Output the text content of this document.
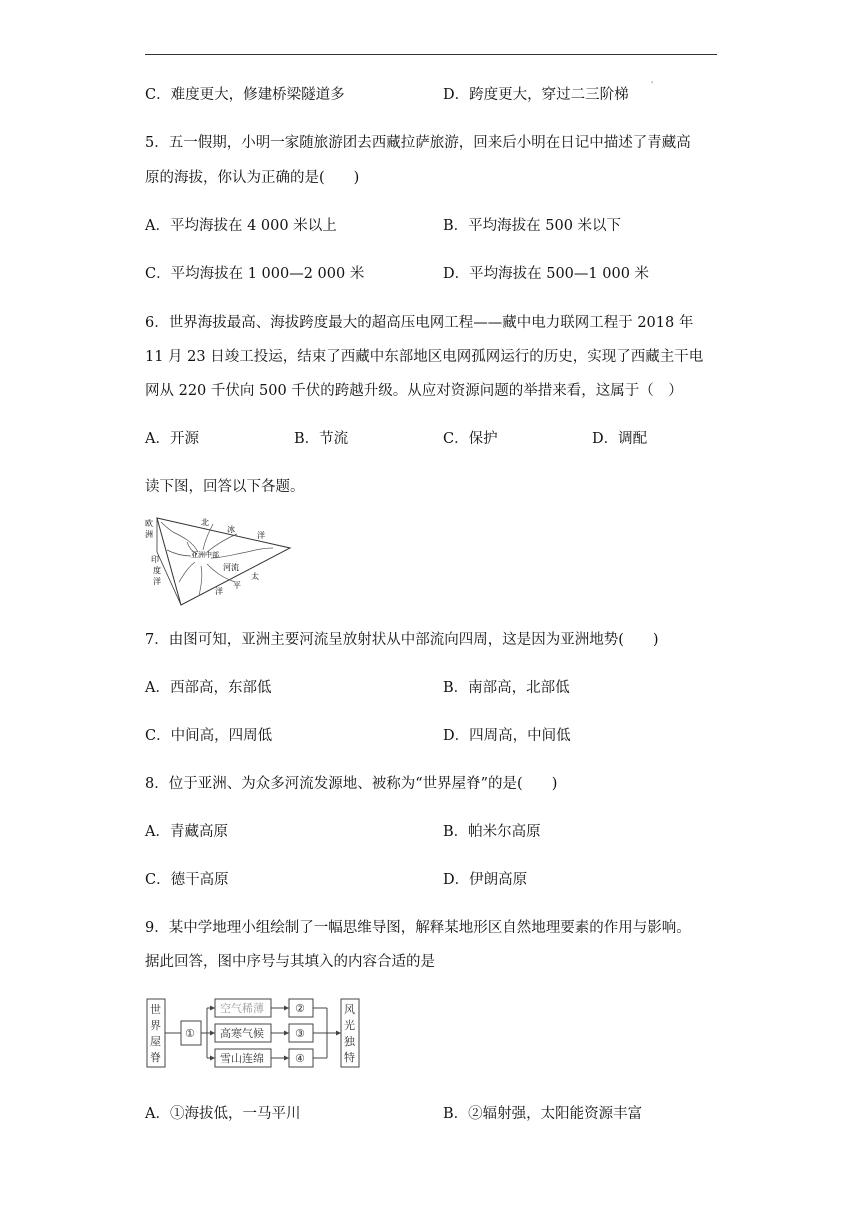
C．难度更大，修建桥梁隧道多	D．跨度更大，穿过二三阶梯
'
5．五一假期，小明一家随旅游团去西藏拉萨旅游，回来后小明在日记中描述了青藏高
原的海拔，你认为正确的是(　　)
A．平均海拔在 4 000 米以上	B．平均海拔在 500 米以下
C．平均海拔在 1 000—2 000 米	D．平均海拔在 500—1 000 米
6．世界海拔最高、海拔跨度最大的超高压电网工程——藏中电力联网工程于 2018 年
11 月 23 日竣工投运，结束了西藏中东部地区电网孤网运行的历史，实现了西藏主干电
网从 220 千伏向 500 千伏的跨越升级。从应对资源问题的举措来看，这属于（　）
A．开源	B．节流	C．保护	D．调配
读下图，回答以下各题。
欧
洲
北
冰
洋
印
度
洋
亚洲中部
河流
太
平
洋
7．由图可知，亚洲主要河流呈放射状从中部流向四周，这是因为亚洲地势(　　)
A．西部高，东部低	B．南部高，北部低
C．中间高，四周低	D．四周高，中间低
8．位于亚洲、为众多河流发源地、被称为“世界屋脊”的是(　　)
A．青藏高原	B．帕米尔高原
C．德干高原	D．伊朗高原
9．某中学地理小组绘制了一幅思维导图，解释某地形区自然地理要素的作用与影响。
据此回答，图中序号与其填入的内容合适的是
世
界
屋
脊
①
空气稀薄
高寒气候
雪山连绵
②
③
④
风
光
独
特
A．①海拔低，一马平川	B．②辐射强，太阳能资源丰富
